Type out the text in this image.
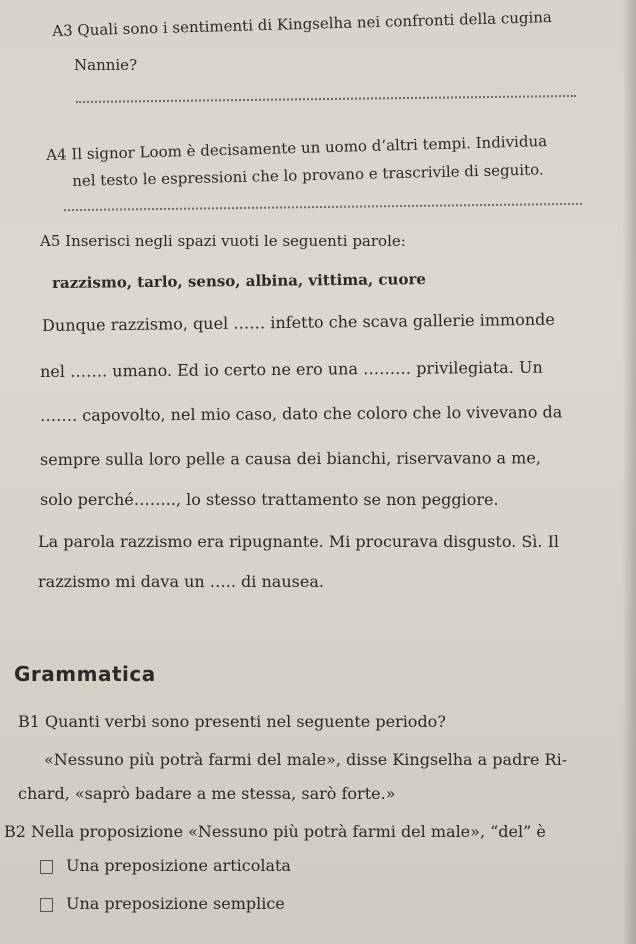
A3 Quali sono i sentimenti di Kingselha nei confronti della cugina

Nannie?

A4 Il signor Loom è decisamente un uomo d’altri tempi. Individua

nel testo le espressioni che lo provano e trascrivile di seguito.

A5 Inserisci negli spazi vuoti le seguenti parole:

razzismo, tarlo, senso, albina, vittima, cuore

Dunque razzismo, quel …… infetto che scava gallerie immonde

nel ……. umano. Ed io certo ne ero una ……… privilegiata. Un

……. capovolto, nel mio caso, dato che coloro che lo vivevano da

sempre sulla loro pelle a causa dei bianchi, riservavano a me,

solo perché…….., lo stesso trattamento se non peggiore.

La parola razzismo era ripugnante. Mi procurava disgusto. Sì. Il

razzismo mi dava un ….. di nausea.

Grammatica

B1 Quanti verbi sono presenti nel seguente periodo?

«Nessuno più potrà farmi del male», disse Kingselha a padre Ri-

chard, «saprò badare a me stessa, sarò forte.»

B2 Nella proposizione «Nessuno più potrà farmi del male», “del” è

Una preposizione articolata

Una preposizione semplice
